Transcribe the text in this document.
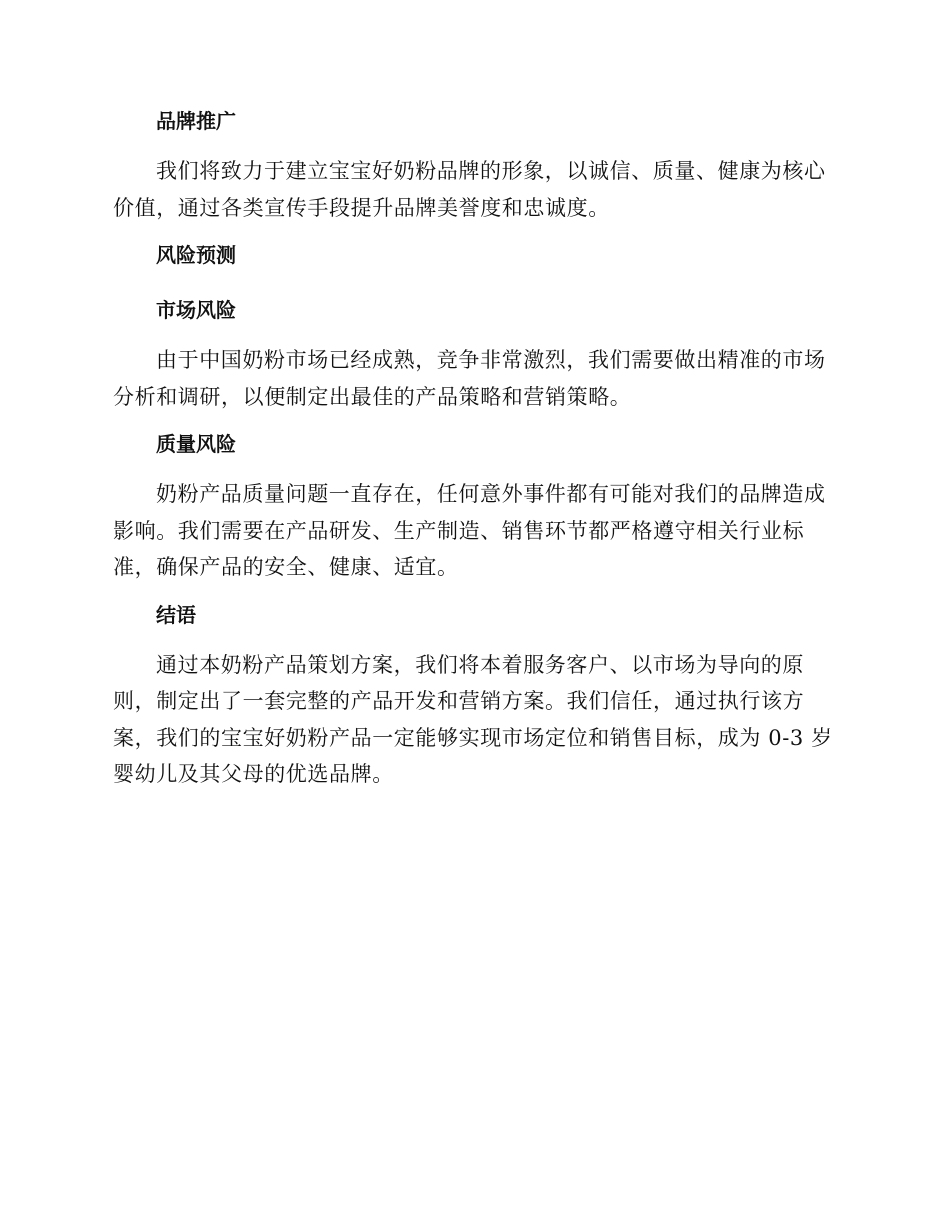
品牌推广

我们将致力于建立宝宝好奶粉品牌的形象，以诚信、质量、健康为核心价值，通过各类宣传手段提升品牌美誉度和忠诚度。

风险预测
市场风险

由于中国奶粉市场已经成熟，竞争非常激烈，我们需要做出精准的市场分析和调研，以便制定出最佳的产品策略和营销策略。

质量风险

奶粉产品质量问题一直存在，任何意外事件都有可能对我们的品牌造成影响。我们需要在产品研发、生产制造、销售环节都严格遵守相关行业标准，确保产品的安全、健康、适宜。

结语

通过本奶粉产品策划方案，我们将本着服务客户、以市场为导向的原则，制定出了一套完整的产品开发和营销方案。我们信任，通过执行该方案，我们的宝宝好奶粉产品一定能够实现市场定位和销售目标，成为 0-3 岁婴幼儿及其父母的优选品牌。
